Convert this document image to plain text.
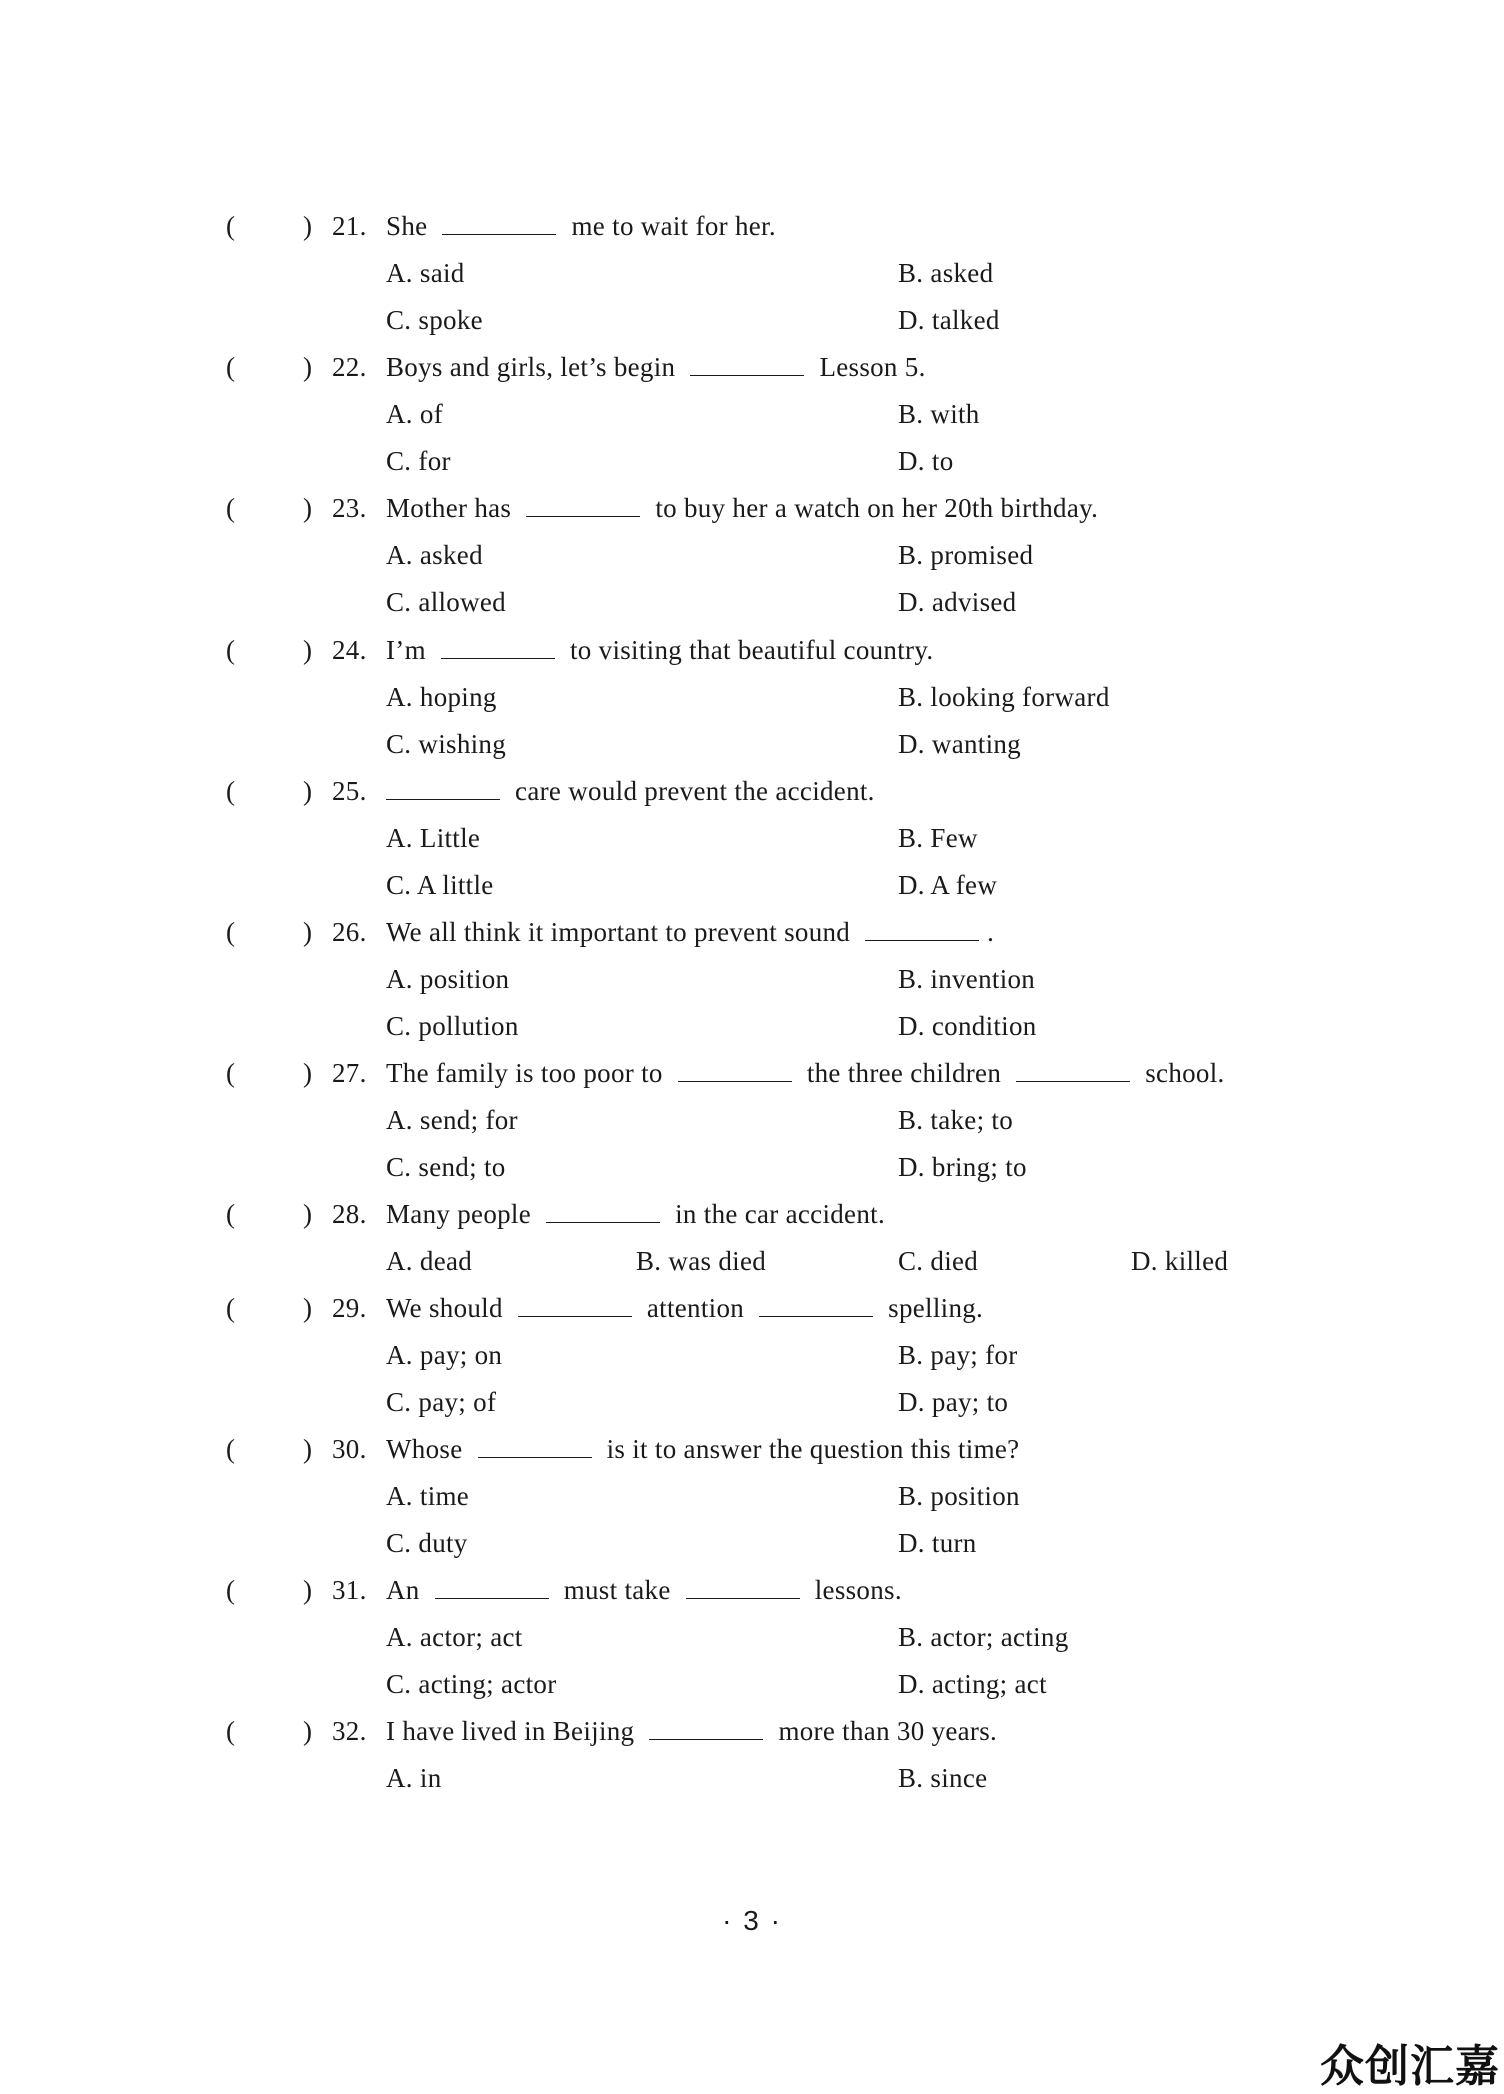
(	) 21. She	me to wait for her.
A. said	B. asked
C. spoke	D. talked
(	) 22. Boys and girls, let’s begin	Lesson 5.
A. of	B. with
C. for	D. to
(	) 23. Mother has	to buy her a watch on her 20th birthday.
A. asked	B. promised
C. allowed	D. advised
(	) 24. I’m	to visiting that beautiful country.
A. hoping	B. looking forward
C. wishing	D. wanting
(	) 25.	care would prevent the accident.
A. Little	B. Few
C. A little	D. A few
(	) 26. We all think it important to prevent sound	.
A. position	B. invention
C. pollution	D. condition
(	) 27. The family is too poor to	the three children	school.
A. send; for	B. take; to
C. send; to	D. bring; to
(	) 28. Many people	in the car accident.
A. dead	B. was died	C. died	D. killed
(	) 29. We should	attention	spelling.
A. pay; on	B. pay; for
C. pay; of	D. pay; to
(	) 30. Whose	is it to answer the question this time?
A. time	B. position
C. duty	D. turn
(	) 31. An	must take	lessons.
A. actor; act	B. actor; acting
C. acting; actor	D. acting; act
(	) 32. I have lived in Beijing	more than 30 years.
A. in	B. since
· 3 ·
众创汇嘉
